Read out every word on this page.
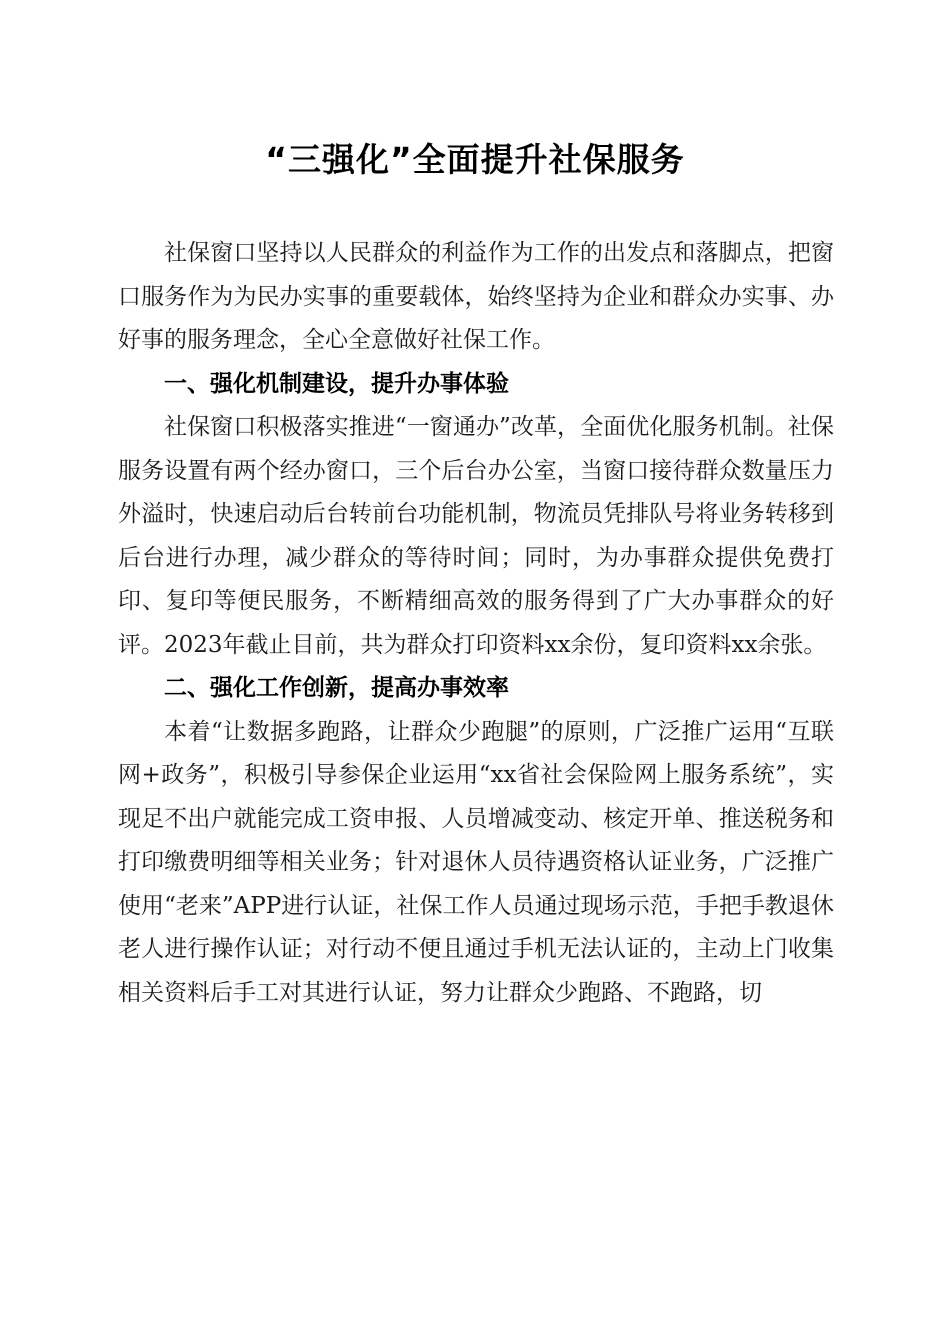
“三强化”全面提升社保服务

社保窗口坚持以人民群众的利益作为工作的出发点和落脚点，把窗口服务作为为民办实事的重要载体，始终坚持为企业和群众办实事、办好事的服务理念，全心全意做好社保工作。

一、强化机制建设，提升办事体验

社保窗口积极落实推进“一窗通办”改革，全面优化服务机制。社保服务设置有两个经办窗口，三个后台办公室，当窗口接待群众数量压力外溢时，快速启动后台转前台功能机制，物流员凭排队号将业务转移到后台进行办理，减少群众的等待时间；同时，为办事群众提供免费打印、复印等便民服务，不断精细高效的服务得到了广大办事群众的好评。2023年截止目前，共为群众打印资料xx余份，复印资料xx余张。

二、强化工作创新，提高办事效率

本着“让数据多跑路，让群众少跑腿”的原则，广泛推广运用“互联网+政务”，积极引导参保企业运用“xx省社会保险网上服务系统”，实现足不出户就能完成工资申报、人员增减变动、核定开单、推送税务和打印缴费明细等相关业务；针对退休人员待遇资格认证业务，广泛推广使用“老来”APP进行认证，社保工作人员通过现场示范，手把手教退休老人进行操作认证；对行动不便且通过手机无法认证的，主动上门收集相关资料后手工对其进行认证，努力让群众少跑路、不跑路，切
